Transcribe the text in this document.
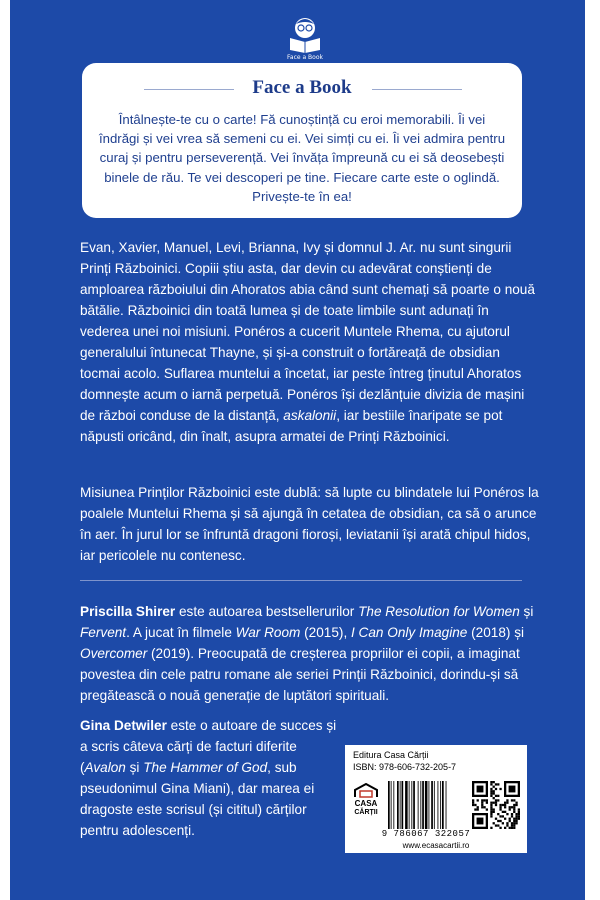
Face a Book
Face a Book
Întâlnește-te cu o carte! Fă cunoștință cu eroi memorabili. Îi vei îndrăgi și vei vrea să semeni cu ei. Vei simți cu ei. Îi vei admira pentru curaj și pentru perseverență. Vei învăța împreună cu ei să deosebești binele de rău. Te vei descoperi pe tine. Fiecare carte este o oglindă. Privește-te în ea!
Evan, Xavier, Manuel, Levi, Brianna, Ivy și domnul J. Ar. nu sunt singurii Prinți Războinici. Copiii știu asta, dar devin cu adevărat conștienți de amploarea războiului din Ahoratos abia când sunt chemați să poarte o nouă bătălie. Războinici din toată lumea și de toate limbile sunt adunați în vederea unei noi misiuni. Ponéros a cucerit Muntele Rhema, cu ajutorul generalului întunecat Thayne, și și-a construit o fortăreață de obsidian tocmai acolo. Suflarea muntelui a încetat, iar peste întreg ținutul Ahoratos domnește acum o iarnă perpetuă. Ponéros își dezlănțuie divizia de mașini de război conduse de la distanță, askalonii, iar bestiile înaripate se pot năpusti oricând, din înalt, asupra armatei de Prinți Războinici.
Misiunea Prinților Războinici este dublă: să lupte cu blindatele lui Ponéros la poalele Muntelui Rhema și să ajungă în cetatea de obsidian, ca să o arunce în aer. În jurul lor se înfruntă dragoni fioroși, leviatanii își arată chipul hidos, iar pericolele nu contenesc.
Priscilla Shirer este autoarea bestsellerurilor The Resolution for Women și Fervent. A jucat în filmele War Room (2015), I Can Only Imagine (2018) și Overcomer (2019). Preocupată de creșterea propriilor ei copii, a imaginat povestea din cele patru romane ale seriei Prinții Războinici, dorindu-și să pregătească o nouă generație de luptători spirituali.
Gina Detwiler este o autoare de succes și a scris câteva cărți de facturi diferite (Avalon și The Hammer of God, sub pseudonimul Gina Miani), dar marea ei dragoste este scrisul (și cititul) cărților pentru adolescenți.
Editura Casa Cărții
ISBN: 978-606-732-205-7
CASA
CĂRȚII
9 786067 322057
www.ecasacartii.ro
